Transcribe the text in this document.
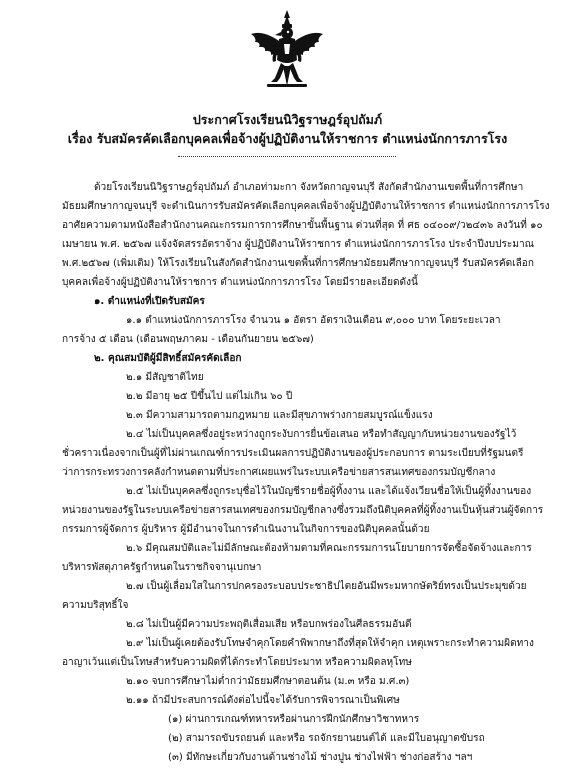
ประกาศโรงเรียนนิวิฐราษฎร์อุปถัมภ์
เรื่อง รับสมัครคัดเลือกบุคคลเพื่อจ้างผู้ปฏิบัติงานให้ราชการ ตำแหน่งนักการภารโรง
ด้วยโรงเรียนนิวิฐราษฎร์อุปถัมภ์ อำเภอท่ามะกา จังหวัดกาญจนบุรี สังกัดสำนักงานเขตพื้นที่การศึกษา
มัธยมศึกษากาญจนบุรี จะดำเนินการรับสมัครคัดเลือกบุคคลเพื่อจ้างผู้ปฏิบัติงานให้ราชการ ตำแหน่งนักการภารโรง
อาศัยความตามหนังสือสำนักงานคณะกรรมการการศึกษาขั้นพื้นฐาน ด่วนที่สุด ที่ ศธ ๐๔๐๐๙/ว๒๔๓๖ ลงวันที่ ๑๐
เมษายน พ.ศ. ๒๕๖๗ แจ้งจัดสรรอัตราจ้าง ผู้ปฏิบัติงานให้ราชการ ตำแหน่งนักการภารโรง ประจำปีงบประมาณ
พ.ศ.๒๕๖๗ (เพิ่มเติม) ให้โรงเรียนในสังกัดสำนักงานเขตพื้นที่การศึกษามัธยมศึกษากาญจนบุรี รับสมัครคัดเลือก
บุคคลเพื่อจ้างผู้ปฏิบัติงานให้ราชการ ตำแหน่งนักการภารโรง โดยมีรายละเอียดดังนี้
๑. ตำแหน่งที่เปิดรับสมัคร
๑.๑ ตำแหน่งนักการภารโรง จำนวน ๑ อัตรา อัตราเงินเดือน ๙,๐๐๐ บาท โดยระยะเวลา
การจ้าง ๕ เดือน (เดือนพฤษภาคม - เดือนกันยายน ๒๕๖๗)
๒. คุณสมบัติผู้มีสิทธิ์สมัครคัดเลือก
๒.๑ มีสัญชาติไทย
๒.๒ มีอายุ ๒๕ ปีขึ้นไป แต่ไม่เกิน ๖๐ ปี
๒.๓ มีความสามารถตามกฎหมาย และมีสุขภาพร่างกายสมบูรณ์แข็งแรง
๒.๔ ไม่เป็นบุคคลซึ่งอยู่ระหว่างถูกระงับการยื่นข้อเสนอ หรือทำสัญญากับหน่วยงานของรัฐไว้
ชั่วคราวเนื่องจากเป็นผู้ที่ไม่ผ่านเกณฑ์การประเมินผลการปฏิบัติงานของผู้ประกอบการ ตามระเบียบที่รัฐมนตรี
ว่าการกระทรวงการคลังกำหนดตามที่ประกาศเผยแพร่ในระบบเครือข่ายสารสนเทศของกรมบัญชีกลาง
๒.๕ ไม่เป็นบุคคลซึ่งถูกระบุชื่อไว้ในบัญชีรายชื่อผู้ทิ้งงาน และได้แจ้งเวียนชื่อให้เป็นผู้ทิ้งงานของ
หน่วยงานของรัฐในระบบเครือข่ายสารสนเทศของกรมบัญชีกลางซึ่งรวมถึงนิติบุคคลที่ผู้ทิ้งงานเป็นหุ้นส่วนผู้จัดการ
กรรมการผู้จัดการ ผู้บริหาร ผู้มีอำนาจในการดำเนินงานในกิจการของนิติบุคคลนั้นด้วย
๒.๖ มีคุณสมบัติและไม่มีลักษณะต้องห้ามตามที่คณะกรรมการนโยบายการจัดซื้อจัดจ้างและการ
บริหารพัสดุภาครัฐกำหนดในราชกิจจานุเบกษา
๒.๗ เป็นผู้เลื่อมใสในการปกครองระบอบประชาธิปไตยอันมีพระมหากษัตริย์ทรงเป็นประมุขด้วย
ความบริสุทธิ์ใจ
๒.๘ ไม่เป็นผู้มีความประพฤติเสื่อมเสีย หรือบกพร่องในศีลธรรมอันดี
๒.๙ ไม่เป็นผู้เคยต้องรับโทษจำคุกโดยคำพิพากษาถึงที่สุดให้จำคุก เหตุเพราะกระทำความผิดทาง
อาญาเว้นแต่เป็นโทษสำหรับความผิดที่ได้กระทำโดยประมาท หรือความผิดลหุโทษ
๒.๑๐ จบการศึกษาไม่ต่ำกว่ามัธยมศึกษาตอนต้น (ม.๓ หรือ ม.ศ.๓)
๒.๑๑ ถ้ามีประสบการณ์ดังต่อไปนี้จะได้รับการพิจารณาเป็นพิเศษ
(๑) ผ่านการเกณฑ์ทหารหรือผ่านการฝึกนักศึกษาวิชาทหาร
(๒) สามารถขับรถยนต์ และหรือ รถจักรยานยนต์ได้ และมีใบอนุญาตขับรถ
(๓) มีทักษะเกี่ยวกับงานด้านช่างไม้ ช่างปูน ช่างไฟฟ้า ช่างก่อสร้าง ฯลฯ
